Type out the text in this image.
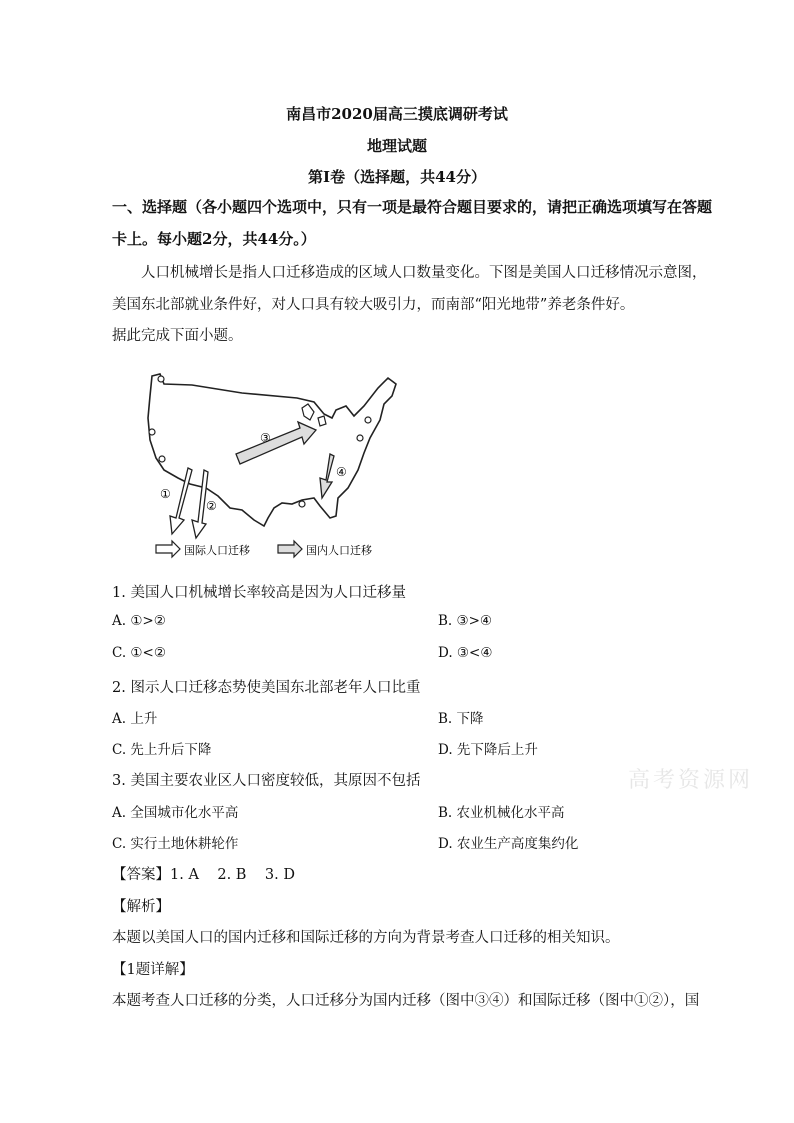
南昌市2020届高三摸底调研考试
地理试题
第Ⅰ卷（选择题，共44分）
一、选择题（各小题四个选项中，只有一项是最符合题目要求的，请把正确选项填写在答题
卡上。每小题2分，共44分。）
人口机械增长是指人口迁移造成的区域人口数量变化。下图是美国人口迁移情况示意图，
美国东北部就业条件好，对人口具有较大吸引力，而南部“阳光地带”养老条件好。
据此完成下面小题。
③
④
①
②
国际人口迁移	国内人口迁移
1. 美国人口机械增长率较高是因为人口迁移量
A. ①>②	B. ③>④
C. ①<②	D. ③<④
2. 图示人口迁移态势使美国东北部老年人口比重
A. 上升	B. 下降
C. 先上升后下降	D. 先下降后上升
3. 美国主要农业区人口密度较低，其原因不包括
A. 全国城市化水平高	B. 农业机械化水平高
C. 实行土地休耕轮作	D. 农业生产高度集约化
高考资源网
【答案】1. A    2. B    3. D
【解析】
本题以美国人口的国内迁移和国际迁移的方向为背景考查人口迁移的相关知识。
【1题详解】
本题考查人口迁移的分类，人口迁移分为国内迁移（图中③④）和国际迁移（图中①②），国
